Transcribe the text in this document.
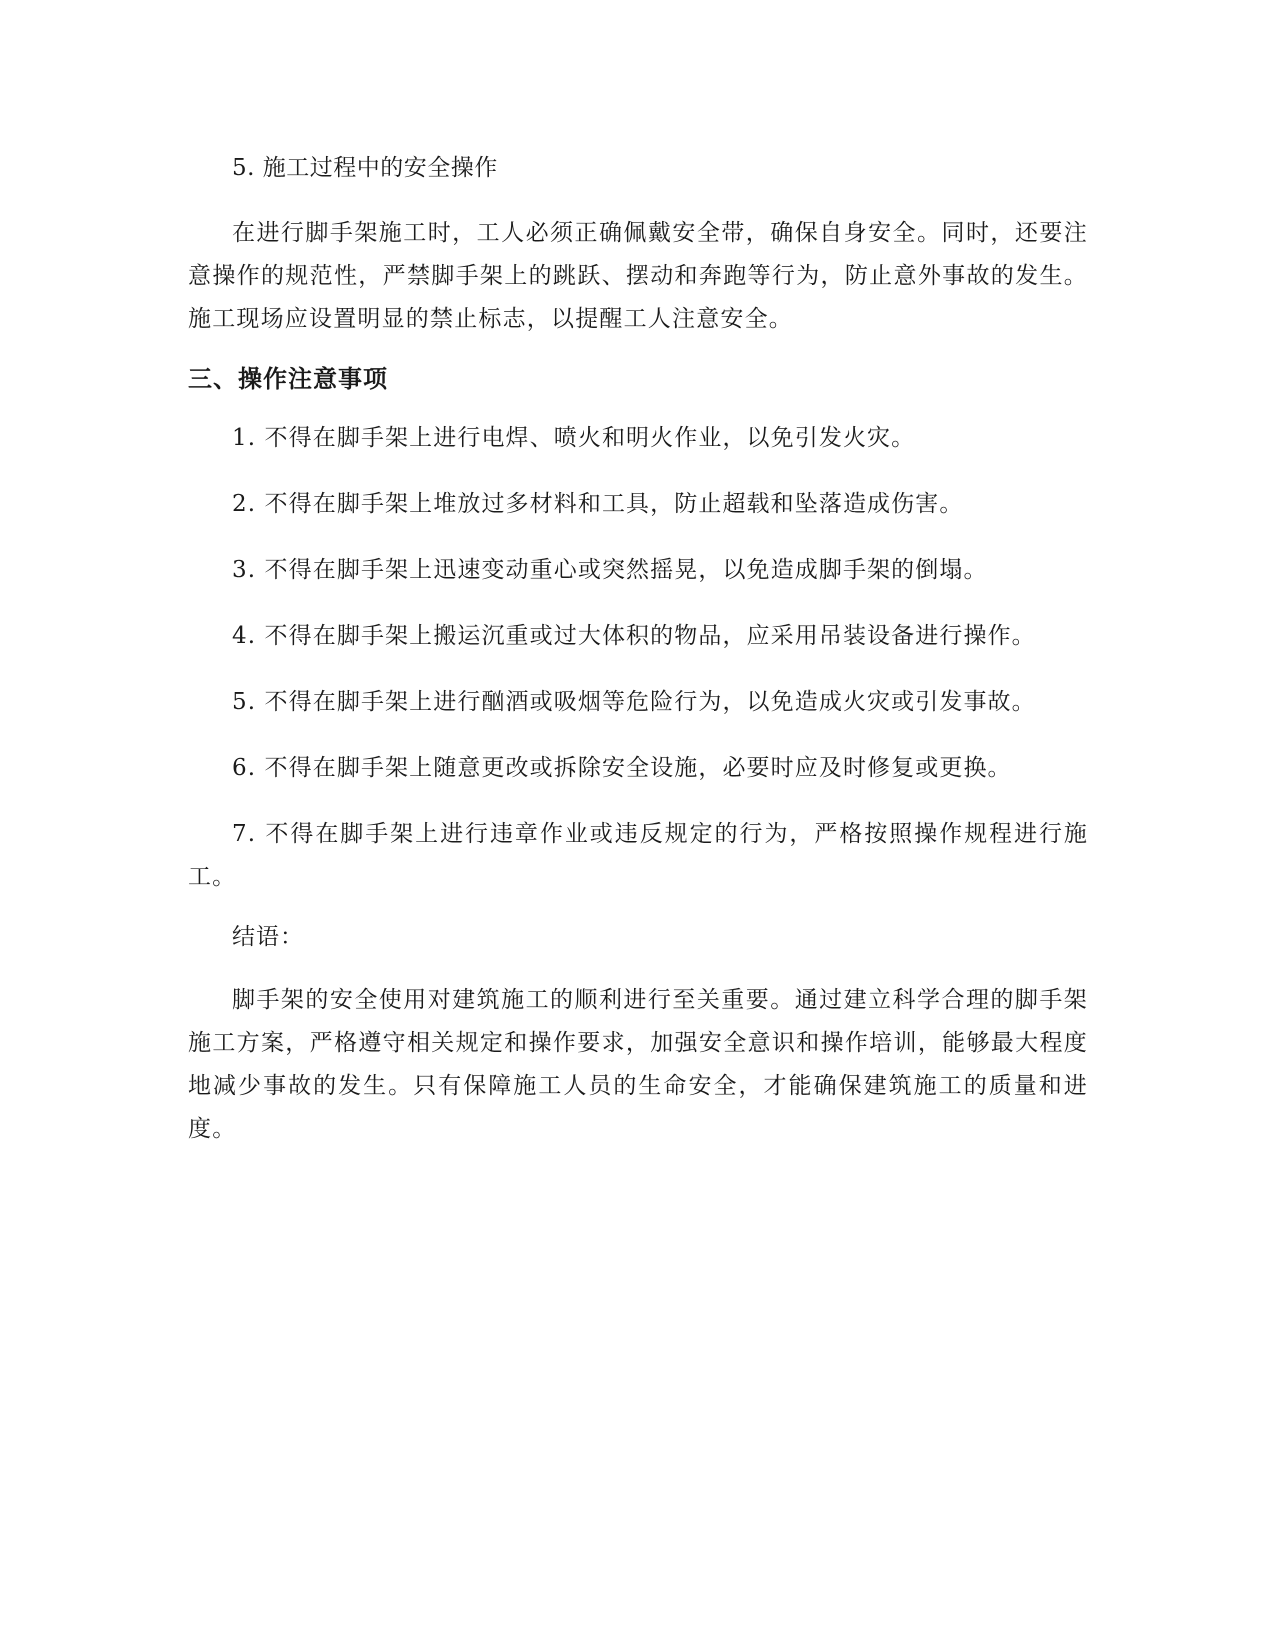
5. 施工过程中的安全操作

在进行脚手架施工时，工人必须正确佩戴安全带，确保自身安全。同时，还要注意操作的规范性，严禁脚手架上的跳跃、摆动和奔跑等行为，防止意外事故的发生。施工现场应设置明显的禁止标志，以提醒工人注意安全。

三、操作注意事项

1. 不得在脚手架上进行电焊、喷火和明火作业，以免引发火灾。

2. 不得在脚手架上堆放过多材料和工具，防止超载和坠落造成伤害。

3. 不得在脚手架上迅速变动重心或突然摇晃，以免造成脚手架的倒塌。

4. 不得在脚手架上搬运沉重或过大体积的物品，应采用吊装设备进行操作。

5. 不得在脚手架上进行酗酒或吸烟等危险行为，以免造成火灾或引发事故。

6. 不得在脚手架上随意更改或拆除安全设施，必要时应及时修复或更换。

7. 不得在脚手架上进行违章作业或违反规定的行为，严格按照操作规程进行施工。

结语：

脚手架的安全使用对建筑施工的顺利进行至关重要。通过建立科学合理的脚手架施工方案，严格遵守相关规定和操作要求，加强安全意识和操作培训，能够最大程度地减少事故的发生。只有保障施工人员的生命安全，才能确保建筑施工的质量和进度。
